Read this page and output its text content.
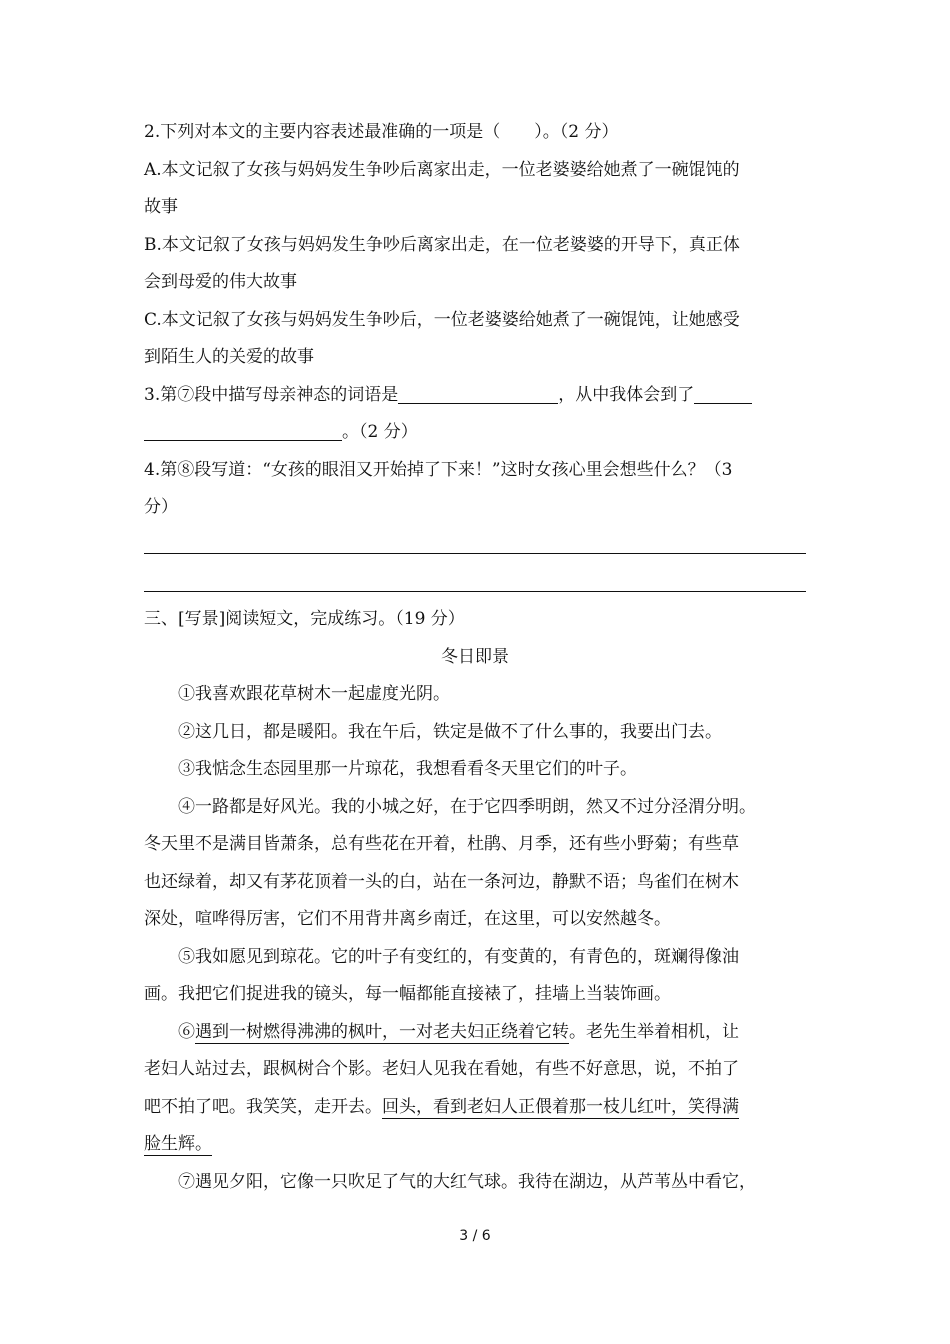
2.下列对本文的主要内容表述最准确的一项是（　　）。（2 分）
A.本文记叙了女孩与妈妈发生争吵后离家出走，一位老婆婆给她煮了一碗馄饨的
故事
B.本文记叙了女孩与妈妈发生争吵后离家出走，在一位老婆婆的开导下，真正体
会到母爱的伟大故事
C.本文记叙了女孩与妈妈发生争吵后，一位老婆婆给她煮了一碗馄饨，让她感受
到陌生人的关爱的故事
3.第⑦段中描写母亲神态的词语是	，从中我体会到了
。（2 分）
4.第⑧段写道：“女孩的眼泪又开始掉了下来！”这时女孩心里会想些什么？（3
分）
三、[写景]阅读短文，完成练习。（19 分）
冬日即景
①我喜欢跟花草树木一起虚度光阴。
②这几日，都是暖阳。我在午后，铁定是做不了什么事的，我要出门去。
③我惦念生态园里那一片琼花，我想看看冬天里它们的叶子。
④一路都是好风光。我的小城之好，在于它四季明朗，然又不过分泾渭分明。
冬天里不是满目皆萧条，总有些花在开着，杜鹃、月季，还有些小野菊；有些草
也还绿着，却又有茅花顶着一头的白，站在一条河边，静默不语；鸟雀们在树木
深处，喧哗得厉害，它们不用背井离乡南迁，在这里，可以安然越冬。
⑤我如愿见到琼花。它的叶子有变红的，有变黄的，有青色的，斑斓得像油
画。我把它们捉进我的镜头，每一幅都能直接裱了，挂墙上当装饰画。
⑥遇到一树燃得沸沸的枫叶，一对老夫妇正绕着它转。老先生举着相机，让
老妇人站过去，跟枫树合个影。老妇人见我在看她，有些不好意思，说，不拍了
吧不拍了吧。我笑笑，走开去。回头，看到老妇人正偎着那一枝儿红叶，笑得满
脸生辉。
⑦遇见夕阳，它像一只吹足了气的大红气球。我待在湖边，从芦苇丛中看它，
3 / 6
